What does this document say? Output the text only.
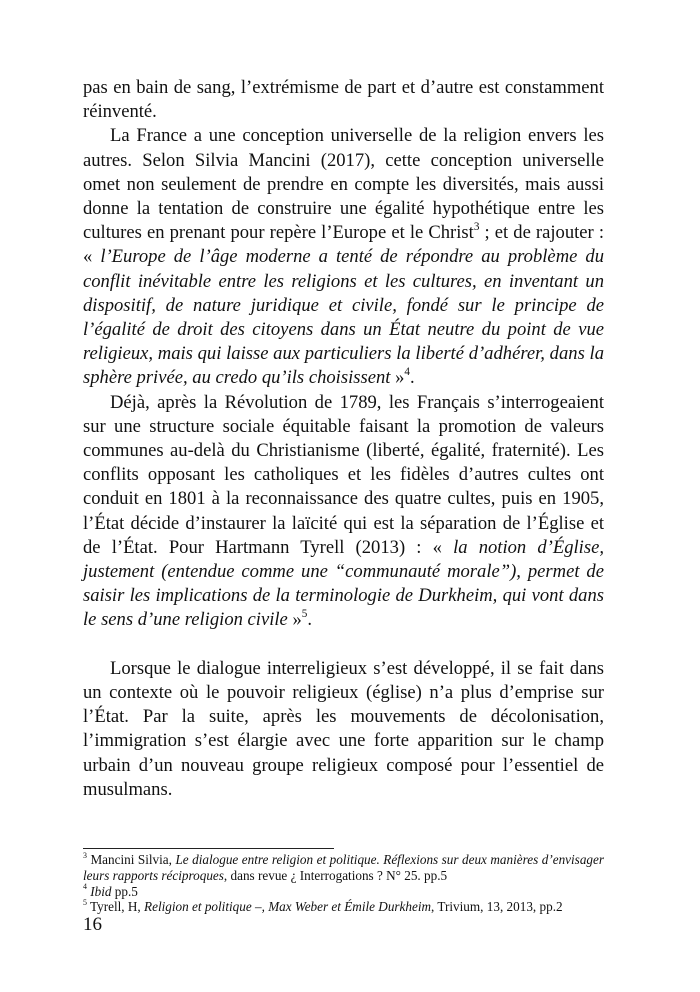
pas en bain de sang, l’extrémisme de part et d’autre est constamment réinventé.

La France a une conception universelle de la religion envers les autres. Selon Silvia Mancini (2017), cette conception universelle omet non seulement de prendre en compte les diversités, mais aussi donne la tentation de construire une égalité hypothétique entre les cultures en prenant pour repère l’Europe et le Christ$^3$ ; et de rajouter : « l’Europe de l’âge moderne a tenté de répondre au problème du conflit inévitable entre les religions et les cultures, en inventant un dispositif, de nature juridique et civile, fondé sur le principe de l’égalité de droit des citoyens dans un État neutre du point de vue religieux, mais qui laisse aux particuliers la liberté d’adhérer, dans la sphère privée, au credo qu’ils choisissent »$^4$.

Déjà, après la Révolution de 1789, les Français s’interrogeaient sur une structure sociale équitable faisant la promotion de valeurs communes au-delà du Christianisme (liberté, égalité, fraternité). Les conflits opposant les catholiques et les fidèles d’autres cultes ont conduit en 1801 à la reconnaissance des quatre cultes, puis en 1905, l’État décide d’instaurer la laïcité qui est la séparation de l’Église et de l’État. Pour Hartmann Tyrell (2013) : « la notion d’Église, justement (entendue comme une “communauté morale”), permet de saisir les implications de la terminologie de Durkheim, qui vont dans le sens d’une religion civile »$^5$.

Lorsque le dialogue interreligieux s’est développé, il se fait dans un contexte où le pouvoir religieux (église) n’a plus d’emprise sur l’État. Par la suite, après les mouvements de décolonisation, l’immigration s’est élargie avec une forte apparition sur le champ urbain d’un nouveau groupe religieux composé pour l’essentiel de musulmans.

$^3$ Mancini Silvia, Le dialogue entre religion et politique. Réflexions sur deux manières d’envisager leurs rapports réciproques, dans revue ¿ Interrogations ? N° 25. pp.5

$^4$ Ibid pp.5

$^5$ Tyrell, H, Religion et politique –, Max Weber et Émile Durkheim, Trivium, 13, 2013, pp.2

16
